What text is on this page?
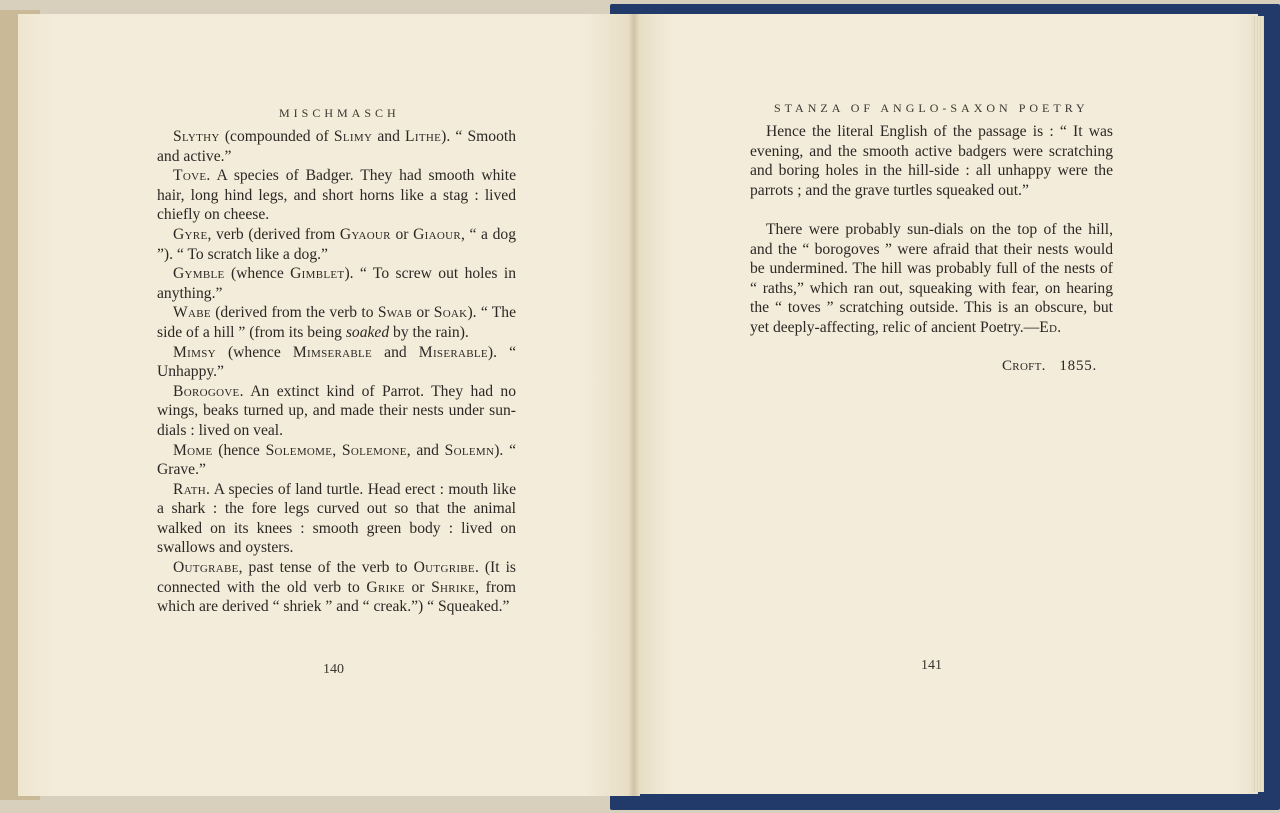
MISCHMASCH

Slythy (compounded of Slimy and Lithe). “ Smooth and active.”

Tove. A species of Badger. They had smooth white hair, long hind legs, and short horns like a stag : lived chiefly on cheese.

Gyre, verb (derived from Gyaour or Giaour, “ a dog ”). “ To scratch like a dog.”

Gymble (whence Gimblet). “ To screw out holes in anything.”

Wabe (derived from the verb to Swab or Soak). “ The side of a hill ” (from its being soaked by the rain).

Mimsy (whence Mimserable and Miserable). “ Unhappy.”

Borogove. An extinct kind of Parrot. They had no wings, beaks turned up, and made their nests under sun-dials : lived on veal.

Mome (hence Solemome, Solemone, and Solemn). “ Grave.”

Rath. A species of land turtle. Head erect : mouth like a shark : the fore legs curved out so that the animal walked on its knees : smooth green body : lived on swallows and oysters.

Outgrabe, past tense of the verb to Outgribe. (It is connected with the old verb to Grike or Shrike, from which are derived “ shriek ” and “ creak.”) “ Squeaked.”

140
STANZA OF ANGLO-SAXON POETRY

Hence the literal English of the passage is : “ It was evening, and the smooth active badgers were scratching and boring holes in the hill-side : all unhappy were the parrots ; and the grave turtles squeaked out.”

There were probably sun-dials on the top of the hill, and the “ borogoves ” were afraid that their nests would be undermined. The hill was probably full of the nests of “ raths,” which ran out, squeaking with fear, on hearing the “ toves ” scratching outside. This is an obscure, but yet deeply-affecting, relic of ancient Poetry.—Ed.

Croft. 1855.
141
